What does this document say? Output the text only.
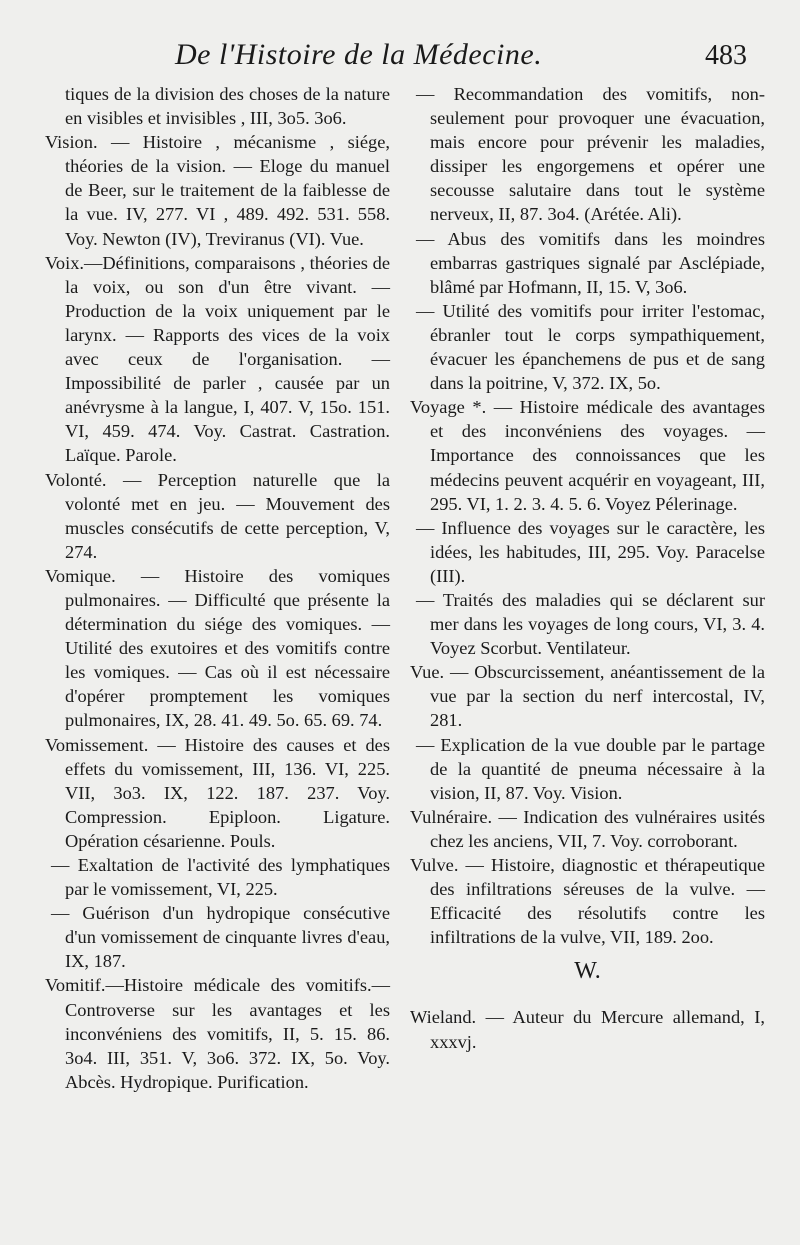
De l'Histoire de la Médecine.	483

tiques de la division des choses de la nature en visibles et invisibles , III, 3o5. 3o6.

Vision. — Histoire , mécanisme , siége, théories de la vision. — Eloge du manuel de Beer, sur le traitement de la faiblesse de la vue. IV, 277. VI , 489. 492. 531. 558. Voy. Newton (IV), Treviranus (VI). Vue.

Voix.—Définitions, comparaisons , théories de la voix, ou son d'un être vivant. — Production de la voix uniquement par le larynx. — Rapports des vices de la voix avec ceux de l'organisation. — Impossibilité de parler , causée par un anévrysme à la langue, I, 407. V, 15o. 151. VI, 459. 474. Voy. Castrat. Castration. Laïque. Parole.

Volonté. — Perception naturelle que la volonté met en jeu. — Mouvement des muscles consécutifs de cette perception, V, 274.

Vomique. — Histoire des vomiques pulmonaires. — Difficulté que présente la détermination du siége des vomiques. — Utilité des exutoires et des vomitifs contre les vomiques. — Cas où il est nécessaire d'opérer promptement les vomiques pulmonaires, IX, 28. 41. 49. 5o. 65. 69. 74.

Vomissement. — Histoire des causes et des effets du vomissement, III, 136. VI, 225. VII, 3o3. IX, 122. 187. 237. Voy. Compression. Epiploon. Ligature. Opération césarienne. Pouls.

— Exaltation de l'activité des lymphatiques par le vomissement, VI, 225.

— Guérison d'un hydropique consécutive d'un vomissement de cinquante livres d'eau, IX, 187.

Vomitif.—Histoire médicale des vomitifs.—Controverse sur les avantages et les inconvéniens des vomitifs, II, 5. 15. 86. 3o4. III, 351. V, 3o6. 372. IX, 5o. Voy. Abcès. Hydropique. Purification.

— Recommandation des vomitifs, non-seulement pour provoquer une évacuation, mais encore pour prévenir les maladies, dissiper les engorgemens et opérer une secousse salutaire dans tout le système nerveux, II, 87. 3o4. (Arétée. Ali).

— Abus des vomitifs dans les moindres embarras gastriques signalé par Asclépiade, blâmé par Hofmann, II, 15. V, 3o6.

— Utilité des vomitifs pour irriter l'estomac, ébranler tout le corps sympathiquement, évacuer les épanchemens de pus et de sang dans la poitrine, V, 372. IX, 5o.

Voyage *. — Histoire médicale des avantages et des inconvéniens des voyages. — Importance des connoissances que les médecins peuvent acquérir en voyageant, III, 295. VI, 1. 2. 3. 4. 5. 6. Voyez Pélerinage.

— Influence des voyages sur le caractère, les idées, les habitudes, III, 295. Voy. Paracelse (III).

— Traités des maladies qui se déclarent sur mer dans les voyages de long cours, VI, 3. 4. Voyez Scorbut. Ventilateur.

Vue. — Obscurcissement, anéantissement de la vue par la section du nerf intercostal, IV, 281.

— Explication de la vue double par le partage de la quantité de pneuma nécessaire à la vision, II, 87. Voy. Vision.

Vulnéraire. — Indication des vulnéraires usités chez les anciens, VII, 7. Voy. corroborant.

Vulve. — Histoire, diagnostic et thérapeutique des infiltrations séreuses de la vulve. — Efficacité des résolutifs contre les infiltrations de la vulve, VII, 189. 2oo.

W.

Wieland. — Auteur du Mercure allemand, I, xxxvj.
